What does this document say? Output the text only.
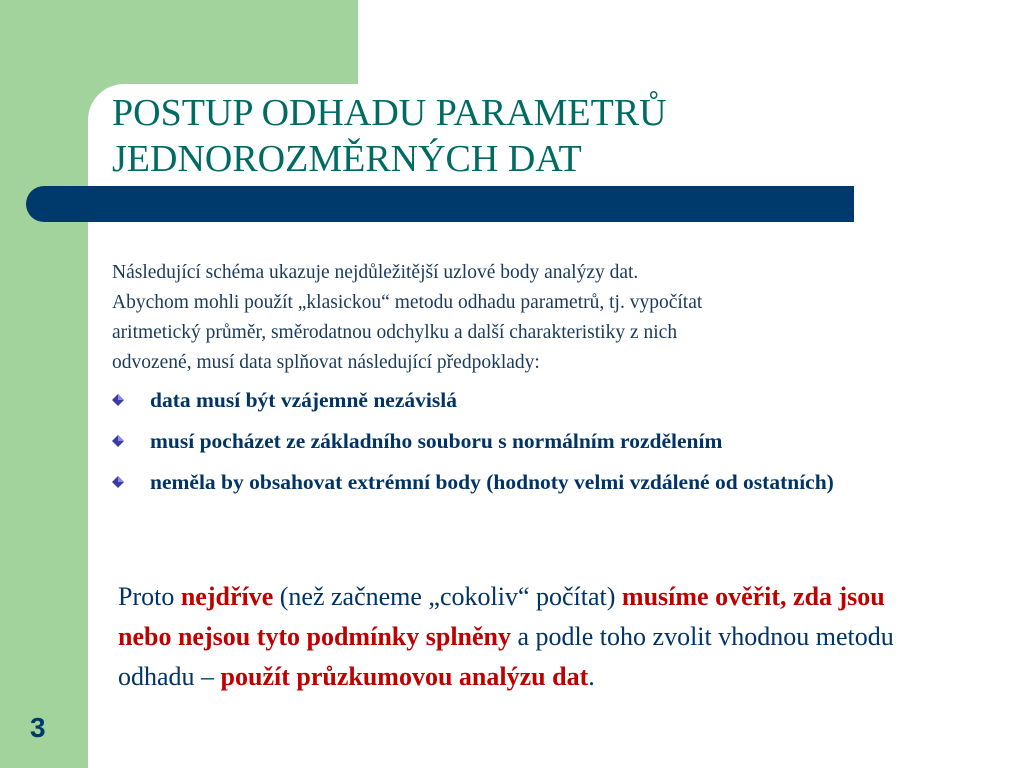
POSTUP ODHADU PARAMETRŮ
JEDNOROZMĚRNÝCH DAT
Následující schéma ukazuje nejdůležitější uzlové body analýzy dat.
Abychom mohli použít „klasickou“ metodu odhadu parametrů, tj. vypočítat
aritmetický průměr, směrodatnou odchylku a další charakteristiky z nich
odvozené, musí data splňovat následující předpoklady:
data musí být vzájemně nezávislá
musí pocházet ze základního souboru s normálním rozdělením
neměla by obsahovat extrémní body (hodnoty velmi vzdálené od ostatních)
Proto nejdříve (než začneme „cokoliv“ počítat) musíme ověřit, zda jsou nebo nejsou tyto podmínky splněny a podle toho zvolit vhodnou metodu odhadu – použít průzkumovou analýzu dat.
3
